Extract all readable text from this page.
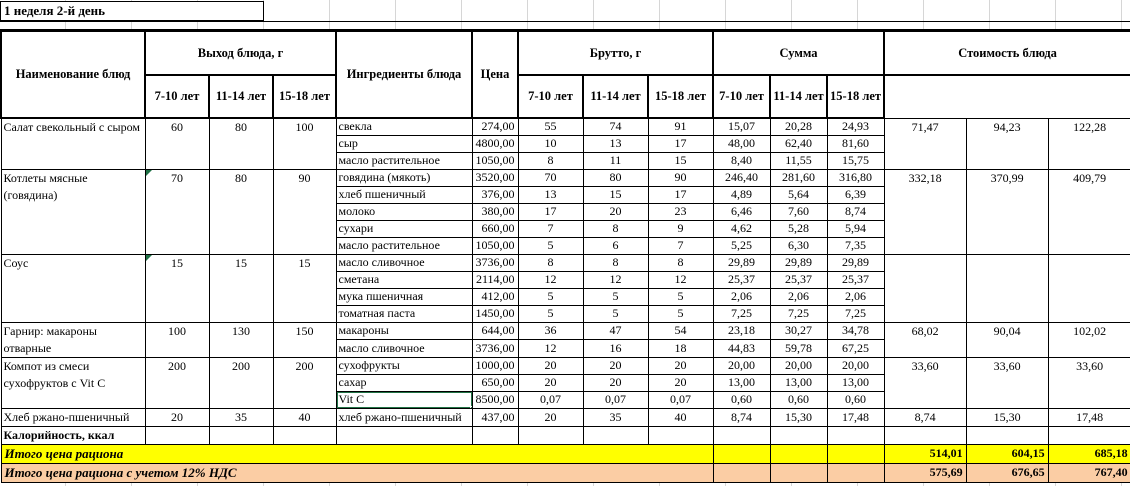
1 неделя 2-й день
Наименование блюд	Выход блюда, г			Ингредиенты блюда	Цена	Брутто, г			Сумма			Стоимость блюда		
	7-10 лет	11-14 лет	15-18 лет			7-10 лет	11-14 лет	15-18 лет	7-10 лет	11-14 лет	15-18 лет			
Салат свекольный с сыром	60	80	100	свекла	274,00	55	74	91	15,07	20,28	24,93	71,47	94,23	122,28
				сыр	4800,00	10	13	17	48,00	62,40	81,60			
				масло растительное	1050,00	8	11	15	8,40	11,55	15,75			
Котлеты мясные (говядина)	70	80	90	говядина (мякоть)	3520,00	70	80	90	246,40	281,60	316,80	332,18	370,99	409,79
				хлеб пшеничный	376,00	13	15	17	4,89	5,64	6,39			
				молоко	380,00	17	20	23	6,46	7,60	8,74			
				сухари	660,00	7	8	9	4,62	5,28	5,94			
				масло растительное	1050,00	5	6	7	5,25	6,30	7,35			
Соус	15	15	15	масло сливочное	3736,00	8	8	8	29,89	29,89	29,89			
				сметана	2114,00	12	12	12	25,37	25,37	25,37			
				мука пшеничная	412,00	5	5	5	2,06	2,06	2,06			
				томатная паста	1450,00	5	5	5	7,25	7,25	7,25			
Гарнир: макароны отварные	100	130	150	макароны	644,00	36	47	54	23,18	30,27	34,78	68,02	90,04	102,02
				масло сливочное	3736,00	12	16	18	44,83	59,78	67,25			
Компот из смеси сухофруктов с Vit C	200	200	200	сухофрукты	1000,00	20	20	20	20,00	20,00	20,00	33,60	33,60	33,60
				сахар	650,00	20	20	20	13,00	13,00	13,00			
				Vit C	8500,00	0,07	0,07	0,07	0,60	0,60	0,60			
Хлеб ржано-пшеничный	20	35	40	хлеб ржано-пшеничный	437,00	20	35	40	8,74	15,30	17,48	8,74	15,30	17,48
Калорийность, ккал														
Итого цена рациона												514,01	604,15	685,18
Итого цена рациона с учетом 12% НДС												575,69	676,65	767,40
